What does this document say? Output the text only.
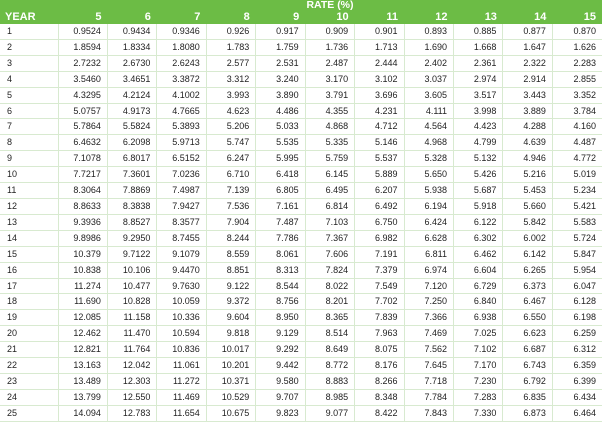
	RATE (%)										
YEAR	5	6	7	8	9	10	11	12	13	14	15
1	0.9524	0.9434	0.9346	0.926	0.917	0.909	0.901	0.893	0.885	0.877	0.870
2	1.8594	1.8334	1.8080	1.783	1.759	1.736	1.713	1.690	1.668	1.647	1.626
3	2.7232	2.6730	2.6243	2.577	2.531	2.487	2.444	2.402	2.361	2.322	2.283
4	3.5460	3.4651	3.3872	3.312	3.240	3.170	3.102	3.037	2.974	2.914	2.855
5	4.3295	4.2124	4.1002	3.993	3.890	3.791	3.696	3.605	3.517	3.443	3.352
6	5.0757	4.9173	4.7665	4.623	4.486	4.355	4.231	4.111	3.998	3.889	3.784
7	5.7864	5.5824	5.3893	5.206	5.033	4.868	4.712	4.564	4.423	4.288	4.160
8	6.4632	6.2098	5.9713	5.747	5.535	5.335	5.146	4.968	4.799	4.639	4.487
9	7.1078	6.8017	6.5152	6.247	5.995	5.759	5.537	5.328	5.132	4.946	4.772
10	7.7217	7.3601	7.0236	6.710	6.418	6.145	5.889	5.650	5.426	5.216	5.019
11	8.3064	7.8869	7.4987	7.139	6.805	6.495	6.207	5.938	5.687	5.453	5.234
12	8.8633	8.3838	7.9427	7.536	7.161	6.814	6.492	6.194	5.918	5.660	5.421
13	9.3936	8.8527	8.3577	7.904	7.487	7.103	6.750	6.424	6.122	5.842	5.583
14	9.8986	9.2950	8.7455	8.244	7.786	7.367	6.982	6.628	6.302	6.002	5.724
15	10.379	9.7122	9.1079	8.559	8.061	7.606	7.191	6.811	6.462	6.142	5.847
16	10.838	10.106	9.4470	8.851	8.313	7.824	7.379	6.974	6.604	6.265	5.954
17	11.274	10.477	9.7630	9.122	8.544	8.022	7.549	7.120	6.729	6.373	6.047
18	11.690	10.828	10.059	9.372	8.756	8.201	7.702	7.250	6.840	6.467	6.128
19	12.085	11.158	10.336	9.604	8.950	8.365	7.839	7.366	6.938	6.550	6.198
20	12.462	11.470	10.594	9.818	9.129	8.514	7.963	7.469	7.025	6.623	6.259
21	12.821	11.764	10.836	10.017	9.292	8.649	8.075	7.562	7.102	6.687	6.312
22	13.163	12.042	11.061	10.201	9.442	8.772	8.176	7.645	7.170	6.743	6.359
23	13.489	12.303	11.272	10.371	9.580	8.883	8.266	7.718	7.230	6.792	6.399
24	13.799	12.550	11.469	10.529	9.707	8.985	8.348	7.784	7.283	6.835	6.434
25	14.094	12.783	11.654	10.675	9.823	9.077	8.422	7.843	7.330	6.873	6.464
